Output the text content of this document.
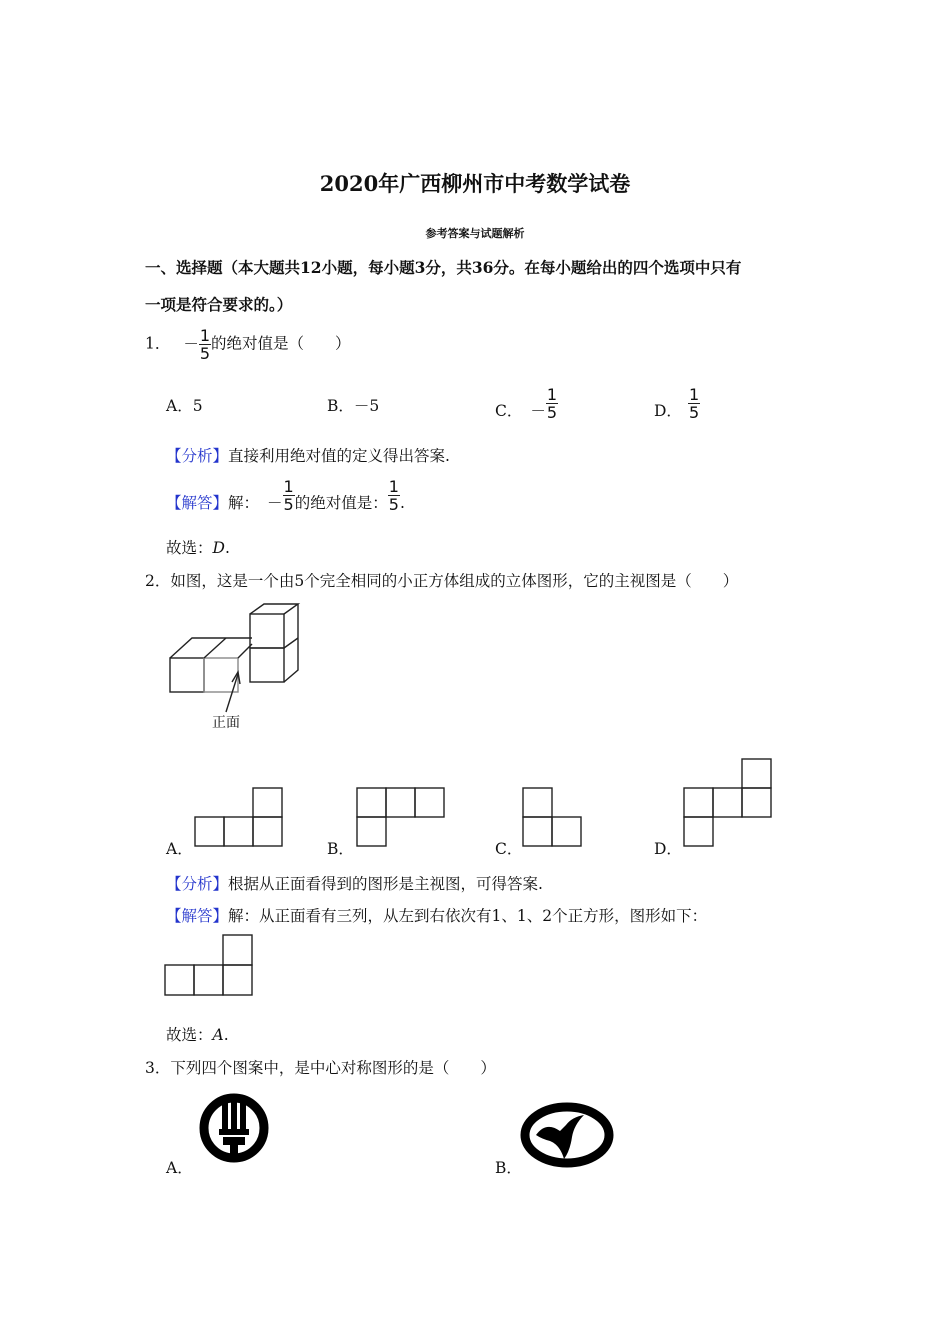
2020年广西柳州市中考数学试卷
参考答案与试题解析
一、选择题（本大题共12小题，每小题3分，共36分。在每小题给出的四个选项中只有
一项是符合要求的。）
1． － $\frac{1}{5}$ 的绝对值是（　　）
A．5	B．－5	C． － $\frac{1}{5}$	D． $\frac{1}{5}$
【分析】直接利用绝对值的定义得出答案.
【解答】解： － $\frac{1}{5}$ 的绝对值是： $\frac{1}{5}$ .
故选：D.
2．如图，这是一个由5个完全相同的小正方体组成的立体图形，它的主视图是（　　）
正面
A．	B．	C．	D．
【分析】根据从正面看得到的图形是主视图，可得答案.
【解答】解：从正面看有三列，从左到右依次有1、1、2个正方形，图形如下：
故选：A.
3．下列四个图案中，是中心对称图形的是（　　）
A．	B．
